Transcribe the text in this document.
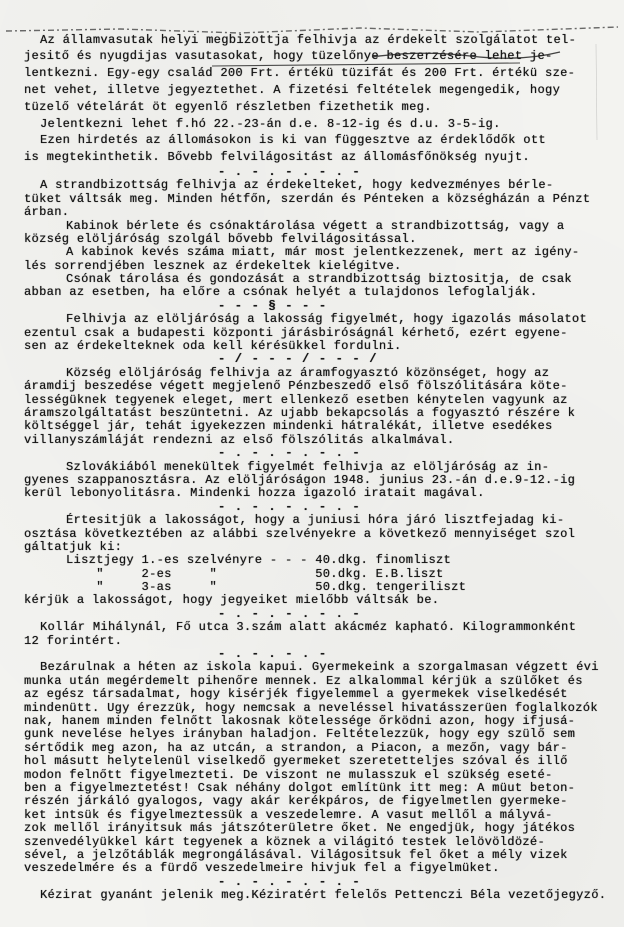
Az államvasutak helyi megbizottja felhivja az érdekelt szolgálatot tel-
jesitő és nyugdijas vasutasokat, hogy tüzelőnye beszerzésére lehet je-
lentkezni. Egy-egy család 200 Frt. értékü tüzifát és 200 Frt. értékü sze-
net vehet, illetve jegyeztethet. A fizetési feltételek megengedik, hogy
tüzelő vételárát öt egyenlő részletben fizethetik meg.
Jelentkezni lehet f.hó 22.-23-án d.e. 8-12-ig és d.u. 3-5-ig.
Ezen hirdetés az állomásokon is ki van függesztve az érdeklődők ott
is megtekinthetik. Bővebb felvilágositást az állomásfőnökség nyujt.
- . - . - . - . -
A strandbizottság felhivja az érdekelteket, hogy kedvezményes bérle-
tüket váltsák meg. Minden hétfőn, szerdán és Pénteken a községházán a Pénzt
árban.
Kabinok bérlete és csónaktárolása végett a strandbizottság, vagy a
község elöljáróság szolgál bővebb felvilágositással.
A kabinok kevés száma miatt, már most jelentkezzenek, mert az igény-
lés sorrendjében lesznek az érdekeltek kielégitve.
Csónak tárolása és gondozását a strandbizottság biztositja, de csak
abban az esetben, ha előre a csónak helyét a tulajdonos lefoglalják.
- - - § - - -
Felhivja az elöljáróság a lakosság figyelmét, hogy igazolás másolatot
ezentul csak a budapesti központi járásbiróságnál kérhető, ezért egyene-
sen az érdekelteknek oda kell kérésükkel fordulni.
- / - - - / - - - /
Község elöljáróság felhivja az áramfogyasztó közönséget, hogy az
áramdij beszedése végett megjelenő Pénzbeszedő első fölszólitására köte-
lességüknek tegyenek eleget, mert ellenkező esetben kénytelen vagyunk az
áramszolgáltatást beszüntetni. Az ujabb bekapcsolás a fogyasztó részére k
költséggel jár, tehát igyekezzen mindenki hátralékát, illetve esedékes
villanyszámláját rendezni az első fölszólitás alkalmával.
- . - . - . - . -
Szlovákiából menekültek figyelmét felhivja az elöljáróság az in-
gyenes szappanosztásra. Az elöljáróságon 1948. junius 23.-án d.e.9-12.-ig
kerül lebonyolitásra. Mindenki hozza igazoló iratait magával.
- . - . - . - . -
Értesitjük a lakosságot, hogy a juniusi hóra járó lisztfejadag ki-
osztása következtében az alábbi szelvényekre a következő mennyiséget szol
gáltatjuk ki:
Lisztjegy 1.-es szelvényre - - - 40.dkg. finomliszt
"     2-es     "             50.dkg. E.B.liszt
"     3-as     "             50.dkg. tengeriliszt
kérjük a lakosságot, hogy jegyeiket mielőbb váltsák be.
- . - . - . - . -
Kollár Mihálynál, Fő utca 3.szám alatt akácméz kapható. Kilogrammonként
12 forintért.
- . - . - . -
Bezárulnak a héten az iskola kapui. Gyermekeink a szorgalmasan végzett évi
munka után megérdemelt pihenőre mennek. Ez alkalommal kérjük a szülőket és
az egész társadalmat, hogy kisérjék figyelemmel a gyermekek viselkedését
mindenütt. Ugy érezzük, hogy nemcsak a neveléssel hivatásszerüen foglalkozók
nak, hanem minden felnőtt lakosnak kötelessége őrködni azon, hogy ifjusá-
gunk nevelése helyes irányban haladjon. Feltételezzük, hogy egy szülő sem
sértődik meg azon, ha az utcán, a strandon, a Piacon, a mezőn, vagy bár-
hol másutt helytelenül viselkedő gyermeket szeretetteljes szóval és illő
modon felnőtt figyelmezteti. De viszont ne mulasszuk el szükség eseté-
ben a figyelmeztetést! Csak néhány dolgot említünk itt meg: A müut beton-
részén járkáló gyalogos, vagy akár kerékpáros, de figyelmetlen gyermeke-
ket intsük és figyelmeztessük a veszedelemre. A vasut mellől a mályvá-
zok mellől irányitsuk más játszóterületre őket. Ne engedjük, hogy játékos
szenvedélyükkel kárt tegyenek a köznek a világitó testek lelövöldözé-
sével, a jelzőtáblák megrongálásával. Világositsuk fel őket a mély vizek
veszedelmére és a fürdő veszedelmeire hivjuk fel a figyelmüket.
- . - . - . - . -
Kézirat gyanánt jelenik meg.Kéziratért felelős Pettenczi Béla vezetőjegyző.
